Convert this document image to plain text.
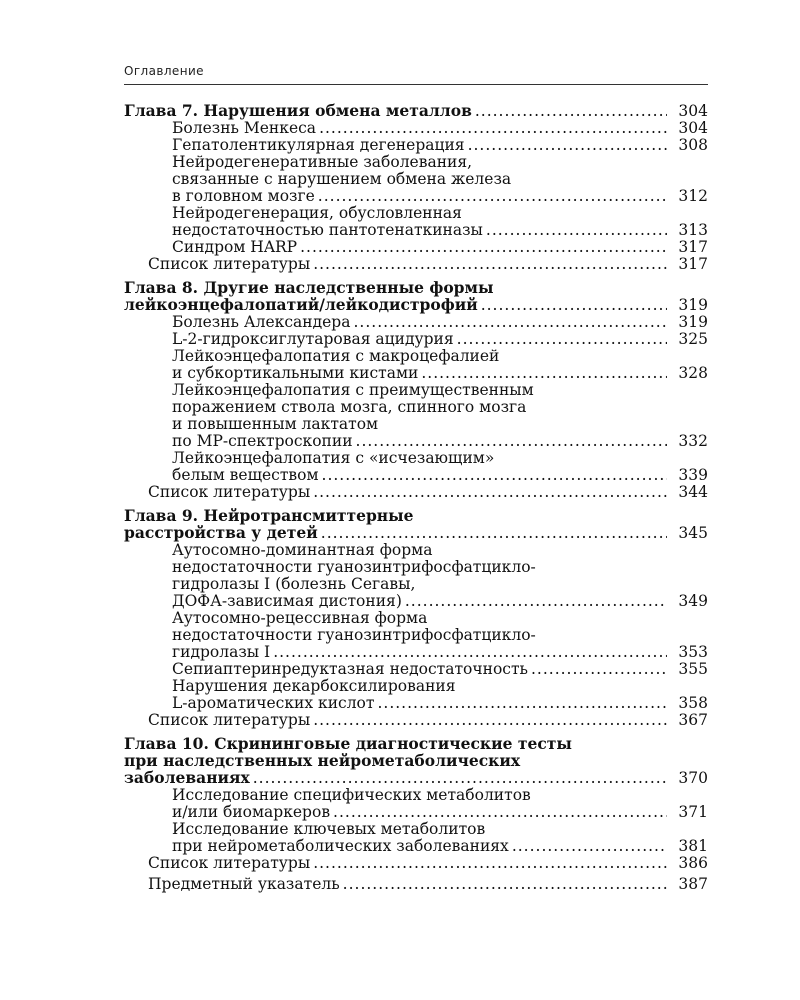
Оглавление
Глава 7. Нарушения обмена металлов .....	304
Болезнь Менкеса .....	304
Гепатолентикулярная дегенерация .....	308
Нейродегенеративные заболевания,
связанные с нарушением обмена железа
в головном мозге .....	312
Нейродегенерация, обусловленная
недостаточностью пантотенаткиназы .....	313
Синдром HARP .....	317
Список литературы .....	317
Глава 8. Другие наследственные формы
лейкоэнцефалопатий/лейкодистрофий .....	319
Болезнь Александера .....	319
L-2-гидроксиглутаровая ацидурия .....	325
Лейкоэнцефалопатия с макроцефалией
и субкортикальными кистами .....	328
Лейкоэнцефалопатия с преимущественным
поражением ствола мозга, спинного мозга
и повышенным лактатом
по МР-спектроскопии .....	332
Лейкоэнцефалопатия с «исчезающим»
белым веществом .....	339
Список литературы .....	344
Глава 9. Нейротрансмиттерные
расстройства у детей .....	345
Аутосомно-доминантная форма
недостаточности гуанозинтрифосфатцикло-
гидролазы I (болезнь Сегавы,
ДОФА-зависимая дистония) .....	349
Аутосомно-рецессивная форма
недостаточности гуанозинтрифосфатцикло-
гидролазы I .....	353
Сепиаптеринредуктазная недостаточность .....	355
Нарушения декарбоксилирования
L-ароматических кислот .....	358
Список литературы .....	367
Глава 10. Скрининговые диагностические тесты
при наследственных нейрометаболических
заболеваниях .....	370
Исследование специфических метаболитов
и/или биомаркеров .....	371
Исследование ключевых метаболитов
при нейрометаболических заболеваниях .....	381
Список литературы .....	386
Предметный указатель .....	387
